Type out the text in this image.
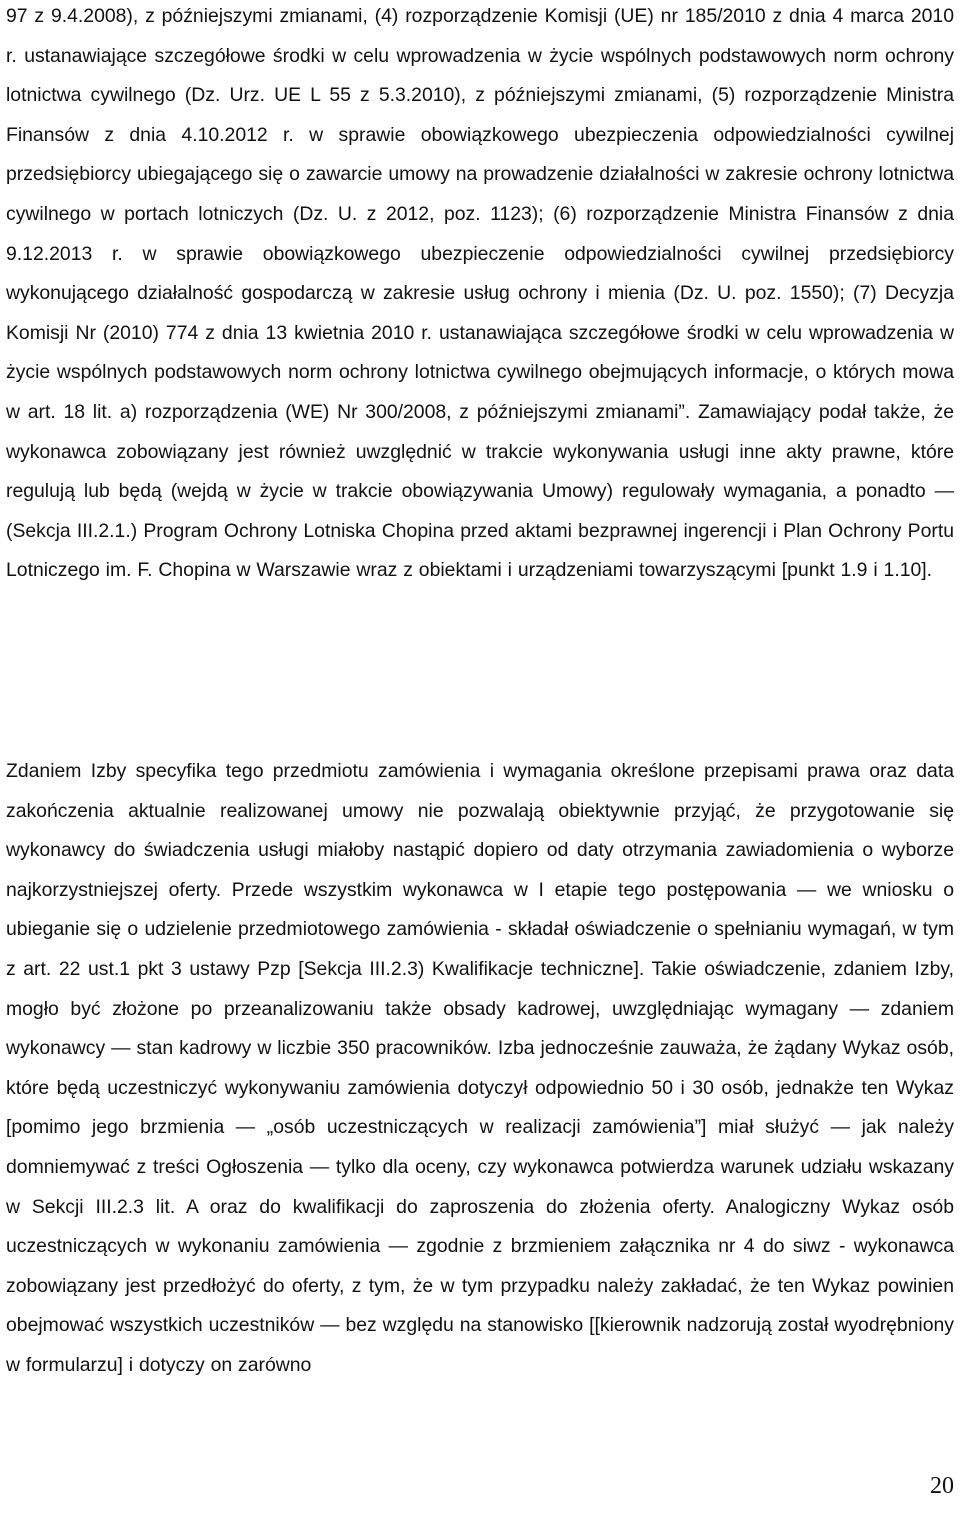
97 z 9.4.2008), z późniejszymi zmianami, (4) rozporządzenie Komisji (UE) nr 185/2010 z dnia 4 marca 2010 r. ustanawiające szczegółowe środki w celu wprowadzenia w życie wspólnych podstawowych norm ochrony lotnictwa cywilnego (Dz. Urz. UE L 55 z 5.3.2010), z późniejszymi zmianami, (5) rozporządzenie Ministra Finansów z dnia 4.10.2012 r. w sprawie obowiązkowego ubezpieczenia odpowiedzialności cywilnej przedsiębiorcy ubiegającego się o zawarcie umowy na prowadzenie działalności w zakresie ochrony lotnictwa cywilnego w portach lotniczych (Dz. U. z 2012, poz. 1123); (6) rozporządzenie Ministra Finansów z dnia 9.12.2013 r. w sprawie obowiązkowego ubezpieczenie odpowiedzialności cywilnej przedsiębiorcy wykonującego działalność gospodarczą w zakresie usług ochrony i mienia (Dz. U. poz. 1550); (7) Decyzja Komisji Nr (2010) 774 z dnia 13 kwietnia 2010 r. ustanawiająca szczegółowe środki w celu wprowadzenia w życie wspólnych podstawowych norm ochrony lotnictwa cywilnego obejmujących informacje, o których mowa w art. 18 lit. a) rozporządzenia (WE) Nr 300/2008, z późniejszymi zmianami”. Zamawiający podał także, że wykonawca zobowiązany jest również uwzględnić w trakcie wykonywania usługi inne akty prawne, które regulują lub będą (wejdą w życie w trakcie obowiązywania Umowy) regulowały wymagania, a ponadto — (Sekcja III.2.1.) Program Ochrony Lotniska Chopina przed aktami bezprawnej ingerencji i Plan Ochrony Portu Lotniczego im. F. Chopina w Warszawie wraz z obiektami i urządzeniami towarzyszącymi [punkt 1.9 i 1.10].

Zdaniem Izby specyfika tego przedmiotu zamówienia i wymagania określone przepisami prawa oraz data zakończenia aktualnie realizowanej umowy nie pozwalają obiektywnie przyjąć, że przygotowanie się wykonawcy do świadczenia usługi miałoby nastąpić dopiero od daty otrzymania zawiadomienia o wyborze najkorzystniejszej oferty. Przede wszystkim wykonawca w I etapie tego postępowania — we wniosku o ubieganie się o udzielenie przedmiotowego zamówienia - składał oświadczenie o spełnianiu wymagań, w tym z art. 22 ust.1 pkt 3 ustawy Pzp [Sekcja III.2.3) Kwalifikacje techniczne]. Takie oświadczenie, zdaniem Izby, mogło być złożone po przeanalizowaniu także obsady kadrowej, uwzględniając wymagany — zdaniem wykonawcy — stan kadrowy w liczbie 350 pracowników. Izba jednocześnie zauważa, że żądany Wykaz osób, które będą uczestniczyć wykonywaniu zamówienia dotyczył odpowiednio 50 i 30 osób, jednakże ten Wykaz [pomimo jego brzmienia — „osób uczestniczących w realizacji zamówienia”] miał służyć — jak należy domniemywać z treści Ogłoszenia — tylko dla oceny, czy wykonawca potwierdza warunek udziału wskazany w Sekcji III.2.3 lit. A oraz do kwalifikacji do zaproszenia do złożenia oferty. Analogiczny Wykaz osób uczestniczących w wykonaniu zamówienia — zgodnie z brzmieniem załącznika nr 4 do siwz - wykonawca zobowiązany jest przedłożyć do oferty, z tym, że w tym przypadku należy zakładać, że ten Wykaz powinien obejmować wszystkich uczestników — bez względu na stanowisko [[kierownik nadzorują został wyodrębniony w formularzu] i dotyczy on zarówno

20
